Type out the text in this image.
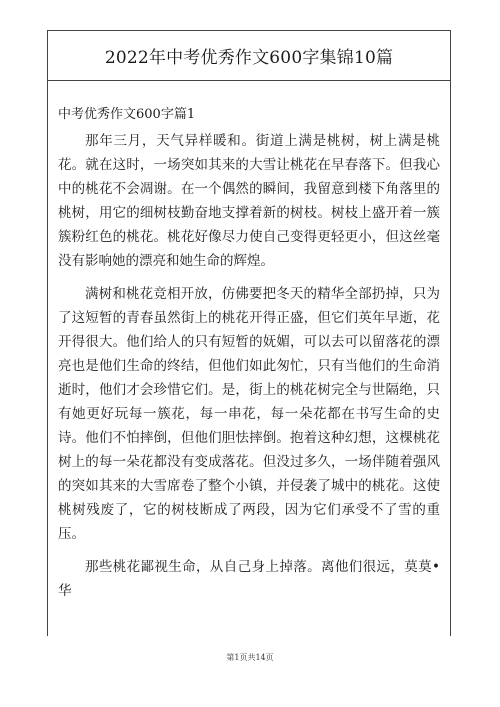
2022年中考优秀作文600字集锦10篇
中考优秀作文600字篇1

那年三月，天气异样暖和。街道上满是桃树，树上满是桃花。就在这时，一场突如其来的大雪让桃花在早春落下。但我心中的桃花不会凋谢。在一个偶然的瞬间，我留意到楼下角落里的桃树，用它的细树枝勤奋地支撑着新的树枝。树枝上盛开着一簇簇粉红色的桃花。桃花好像尽力使自己变得更轻更小，但这丝毫没有影响她的漂亮和她生命的辉煌。

满树和桃花竞相开放，仿佛要把冬天的精华全部扔掉，只为了这短暂的青春虽然街上的桃花开得正盛，但它们英年早逝，花开得很大。他们给人的只有短暂的妩媚，可以去可以留落花的漂亮也是他们生命的终结，但他们如此匆忙，只有当他们的生命消逝时，他们才会珍惜它们。是，街上的桃花树完全与世隔绝，只有她更好玩每一簇花，每一串花，每一朵花都在书写生命的史诗。他们不怕摔倒，但他们胆怯摔倒。抱着这种幻想，这棵桃花树上的每一朵花都没有变成落花。但没过多久，一场伴随着强风的突如其来的大雪席卷了整个小镇，并侵袭了城中的桃花。这使桃树残废了，它的树枝断成了两段，因为它们承受不了雪的重压。

那些桃花鄙视生命，从自己身上掉落。离他们很远，莫莫•华

第1页共14页
